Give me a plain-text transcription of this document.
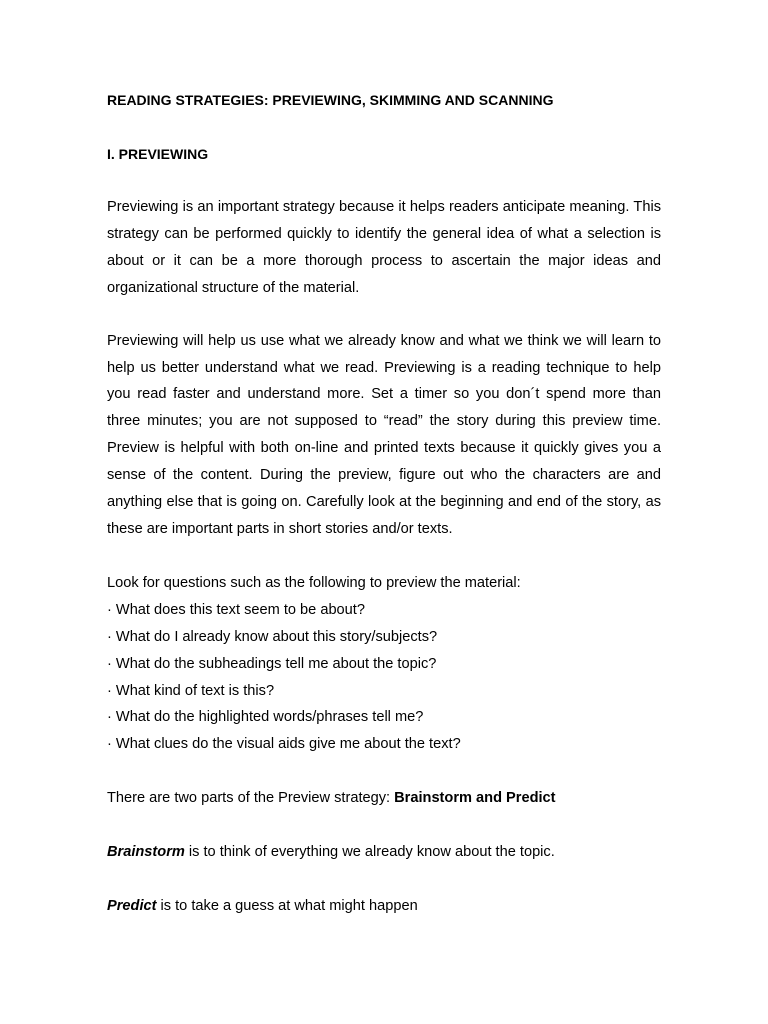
READING STRATEGIES: PREVIEWING, SKIMMING AND SCANNING
I. PREVIEWING

Previewing is an important strategy because it helps readers anticipate meaning. This strategy can be performed quickly to identify the general idea of what a selection is about or it can be a more thorough process to ascertain the major ideas and organizational structure of the material.

Previewing will help us use what we already know and what we think we will learn to help us better understand what we read. Previewing is a reading technique to help you read faster and understand more. Set a timer so you don´t spend more than three minutes; you are not supposed to “read” the story during this preview time. Preview is helpful with both on-line and printed texts because it quickly gives you a sense of the content. During the preview, figure out who the characters are and anything else that is going on. Carefully look at the beginning and end of the story, as these are important parts in short stories and/or texts.

Look for questions such as the following to preview the material:

· What does this text seem to be about?
· What do I already know about this story/subjects?
· What do the subheadings tell me about the topic?
· What kind of text is this?
· What do the highlighted words/phrases tell me?
· What clues do the visual aids give me about the text?

There are two parts of the Preview strategy: Brainstorm and Predict

Brainstorm is to think of everything we already know about the topic.

Predict is to take a guess at what might happen
